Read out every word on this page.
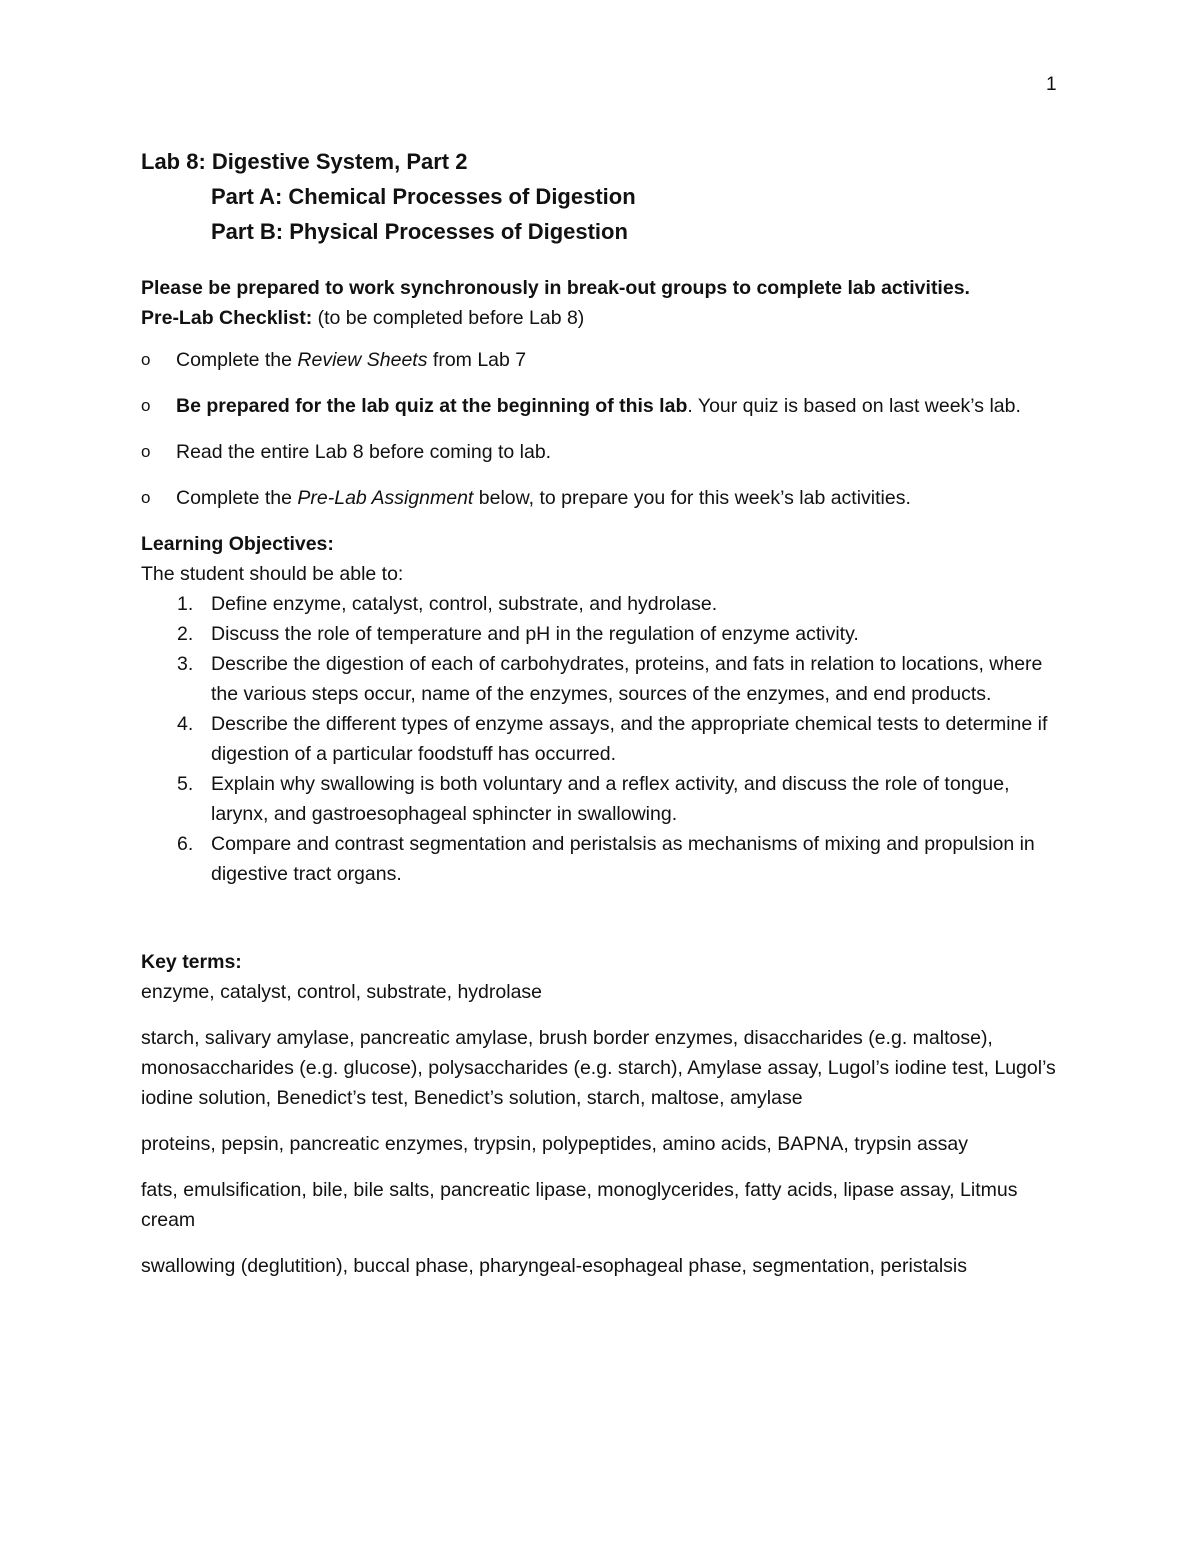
1
Lab 8: Digestive System, Part 2
Part A: Chemical Processes of Digestion
Part B: Physical Processes of Digestion
Please be prepared to work synchronously in break-out groups to complete lab activities.
Pre-Lab Checklist: (to be completed before Lab 8)
o Complete the Review Sheets from Lab 7
o Be prepared for the lab quiz at the beginning of this lab. Your quiz is based on last week’s lab.
o Read the entire Lab 8 before coming to lab.
o Complete the Pre-Lab Assignment below, to prepare you for this week’s lab activities.
Learning Objectives:
The student should be able to:
1. Define enzyme, catalyst, control, substrate, and hydrolase.
2. Discuss the role of temperature and pH in the regulation of enzyme activity.
3. Describe the digestion of each of carbohydrates, proteins, and fats in relation to locations, where the various steps occur, name of the enzymes, sources of the enzymes, and end products.
4. Describe the different types of enzyme assays, and the appropriate chemical tests to determine if digestion of a particular foodstuff has occurred.
5. Explain why swallowing is both voluntary and a reflex activity, and discuss the role of tongue, larynx, and gastroesophageal sphincter in swallowing.
6. Compare and contrast segmentation and peristalsis as mechanisms of mixing and propulsion in digestive tract organs.
Key terms:
enzyme, catalyst, control, substrate, hydrolase
starch, salivary amylase, pancreatic amylase, brush border enzymes, disaccharides (e.g. maltose), monosaccharides (e.g. glucose), polysaccharides (e.g. starch), Amylase assay, Lugol’s iodine test, Lugol’s iodine solution, Benedict’s test, Benedict’s solution, starch, maltose, amylase
proteins, pepsin, pancreatic enzymes, trypsin, polypeptides, amino acids, BAPNA, trypsin assay
fats, emulsification, bile, bile salts, pancreatic lipase, monoglycerides, fatty acids, lipase assay, Litmus cream
swallowing (deglutition), buccal phase, pharyngeal-esophageal phase, segmentation, peristalsis
